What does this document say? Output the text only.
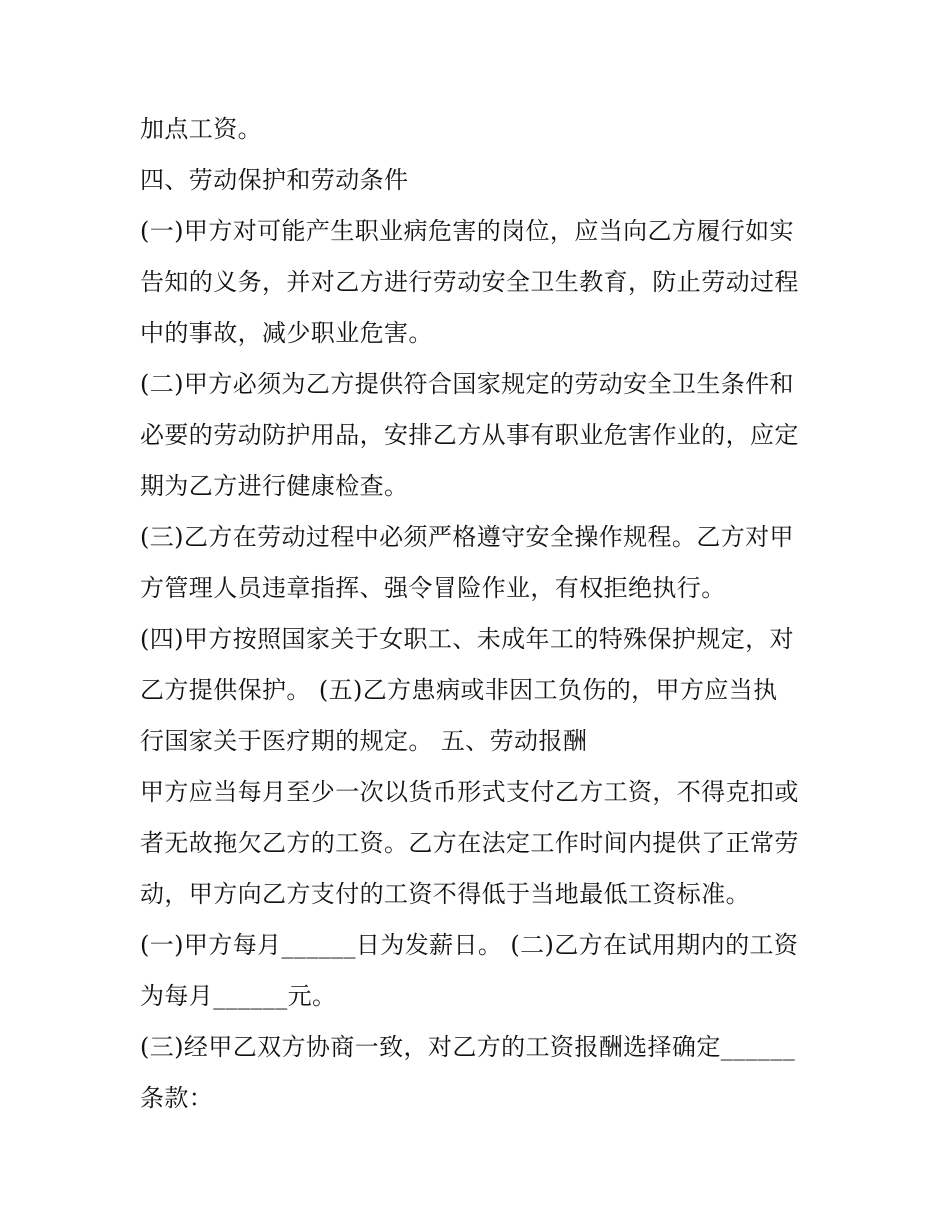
加点工资。
四、劳动保护和劳动条件
(一)甲方对可能产生职业病危害的岗位，应当向乙方履行如实
告知的义务，并对乙方进行劳动安全卫生教育，防止劳动过程
中的事故，减少职业危害。
(二)甲方必须为乙方提供符合国家规定的劳动安全卫生条件和
必要的劳动防护用品，安排乙方从事有职业危害作业的，应定
期为乙方进行健康检查。
(三)乙方在劳动过程中必须严格遵守安全操作规程。乙方对甲
方管理人员违章指挥、强令冒险作业，有权拒绝执行。
(四)甲方按照国家关于女职工、未成年工的特殊保护规定，对
乙方提供保护。 (五)乙方患病或非因工负伤的，甲方应当执
行国家关于医疗期的规定。 五、劳动报酬
甲方应当每月至少一次以货币形式支付乙方工资，不得克扣或
者无故拖欠乙方的工资。乙方在法定工作时间内提供了正常劳
动，甲方向乙方支付的工资不得低于当地最低工资标准。
(一)甲方每月______日为发薪日。 (二)乙方在试用期内的工资
为每月______元。
(三)经甲乙双方协商一致，对乙方的工资报酬选择确定______
条款：
